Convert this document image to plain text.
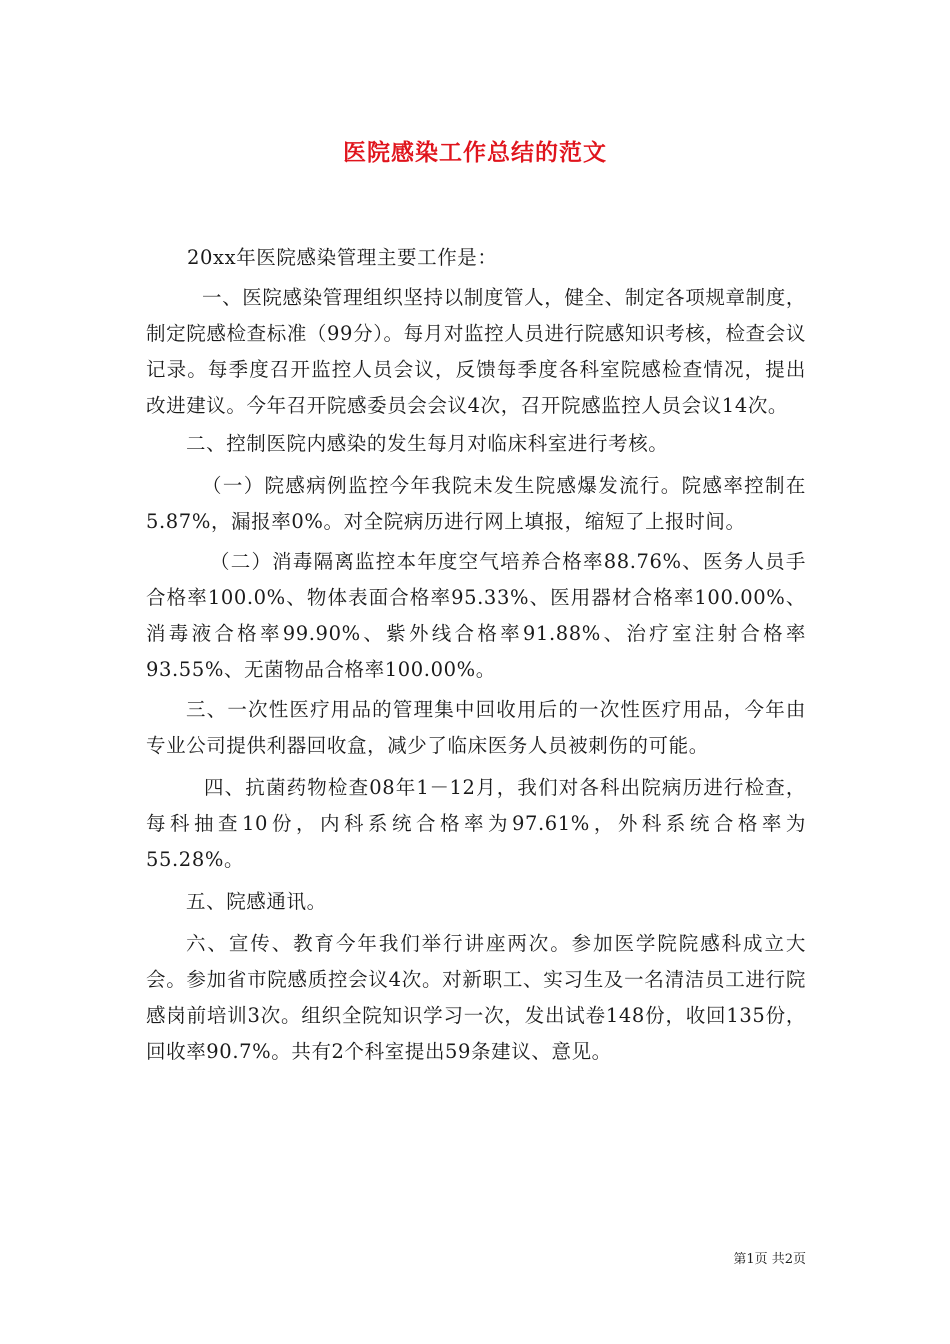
医院感染工作总结的范文

20xx年医院感染管理主要工作是：

一、医院感染管理组织坚持以制度管人，健全、制定各项规章制度，制定院感检查标准（99分）。每月对监控人员进行院感知识考核，检查会议记录。每季度召开监控人员会议，反馈每季度各科室院感检查情况，提出改进建议。今年召开院感委员会会议4次，召开院感监控人员会议14次。

二、控制医院内感染的发生每月对临床科室进行考核。

（一）院感病例监控今年我院未发生院感爆发流行。院感率控制在5.87%，漏报率0%。对全院病历进行网上填报，缩短了上报时间。

（二）消毒隔离监控本年度空气培养合格率88.76%、医务人员手合格率100.0%、物体表面合格率95.33%、医用器材合格率100.00%、消毒液合格率99.90%、紫外线合格率91.88%、治疗室注射合格率93.55%、无菌物品合格率100.00%。

三、一次性医疗用品的管理集中回收用后的一次性医疗用品，今年由专业公司提供利器回收盒，减少了临床医务人员被刺伤的可能。

四、抗菌药物检查08年1－12月，我们对各科出院病历进行检查，每科抽查10份，内科系统合格率为97.61%，外科系统合格率为55.28%。

五、院感通讯。

六、宣传、教育今年我们举行讲座两次。参加医学院院感科成立大会。参加省市院感质控会议4次。对新职工、实习生及一名清洁员工进行院感岗前培训3次。组织全院知识学习一次，发出试卷148份，收回135份，回收率90.7%。共有2个科室提出59条建议、意见。

第1页 共2页
